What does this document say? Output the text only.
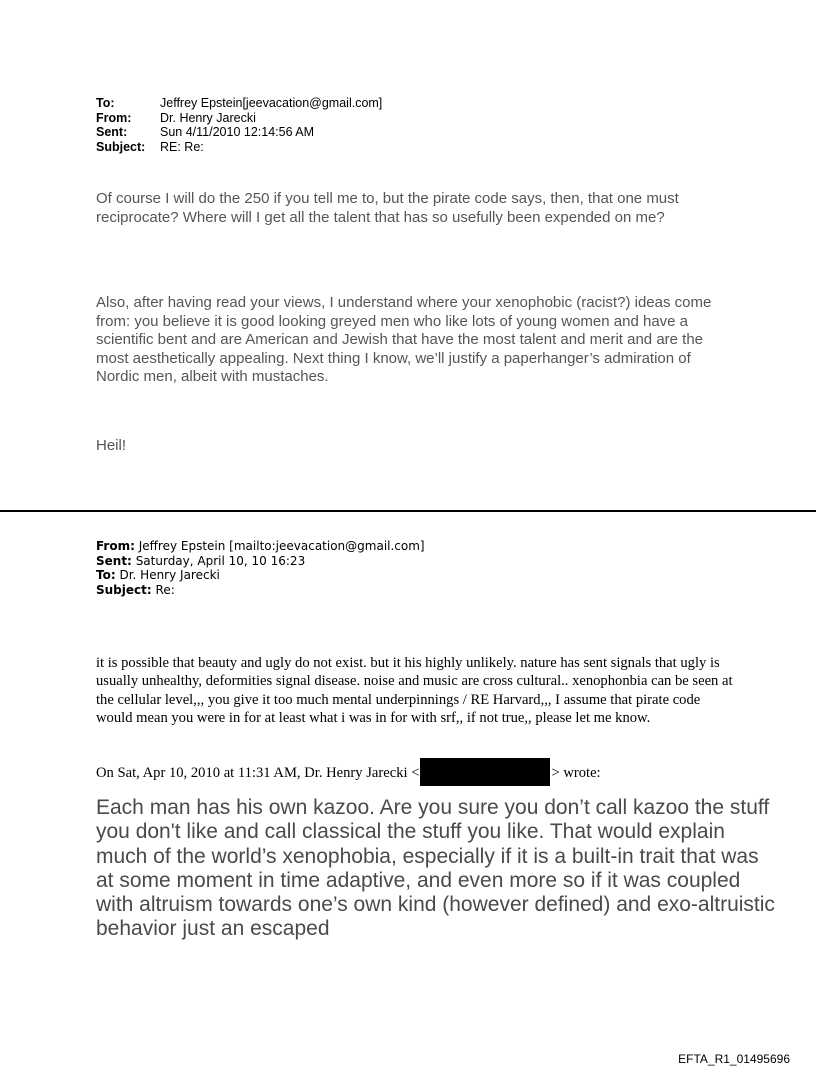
To:	Jeffrey Epstein[jeevacation@gmail.com]
From:	Dr. Henry Jarecki
Sent:	Sun 4/11/2010 12:14:56 AM
Subject:	RE: Re:
Of course I will do the 250 if you tell me to, but the pirate code says, then, that one must reciprocate? Where will I get all the talent that has so usefully been expended on me?
Also, after having read your views, I understand where your xenophobic (racist?) ideas come from: you believe it is good looking greyed men who like lots of young women and have a scientific bent and are American and Jewish that have the most talent and merit and are the most aesthetically appealing. Next thing I know, we’ll justify a paperhanger’s admiration of Nordic men, albeit with mustaches.
Heil!
From: Jeffrey Epstein [mailto:jeevacation@gmail.com]
Sent: Saturday, April 10, 10 16:23
To: Dr. Henry Jarecki
Subject: Re:
it is possible that beauty and ugly do not exist. but it his highly unlikely. nature has sent signals that ugly is usually unhealthy, deformities signal disease. noise and music are cross cultural.. xenophonbia can be seen at the cellular level,,, you give it too much mental underpinnings / RE Harvard,,, I assume that pirate code would mean you were in for at least what i was in for with srf,, if not true,, please let me know.
On Sat, Apr 10, 2010 at 11:31 AM, Dr. Henry Jarecki <	> wrote:
Each man has his own kazoo. Are you sure you don’t call kazoo the stuff you don't like and call classical the stuff you like. That would explain much of the world’s xenophobia, especially if it is a built-in trait that was at some moment in time adaptive, and even more so if it was coupled with altruism towards one’s own kind (however defined) and exo-altruistic behavior just an escaped
EFTA_R1_01495696
